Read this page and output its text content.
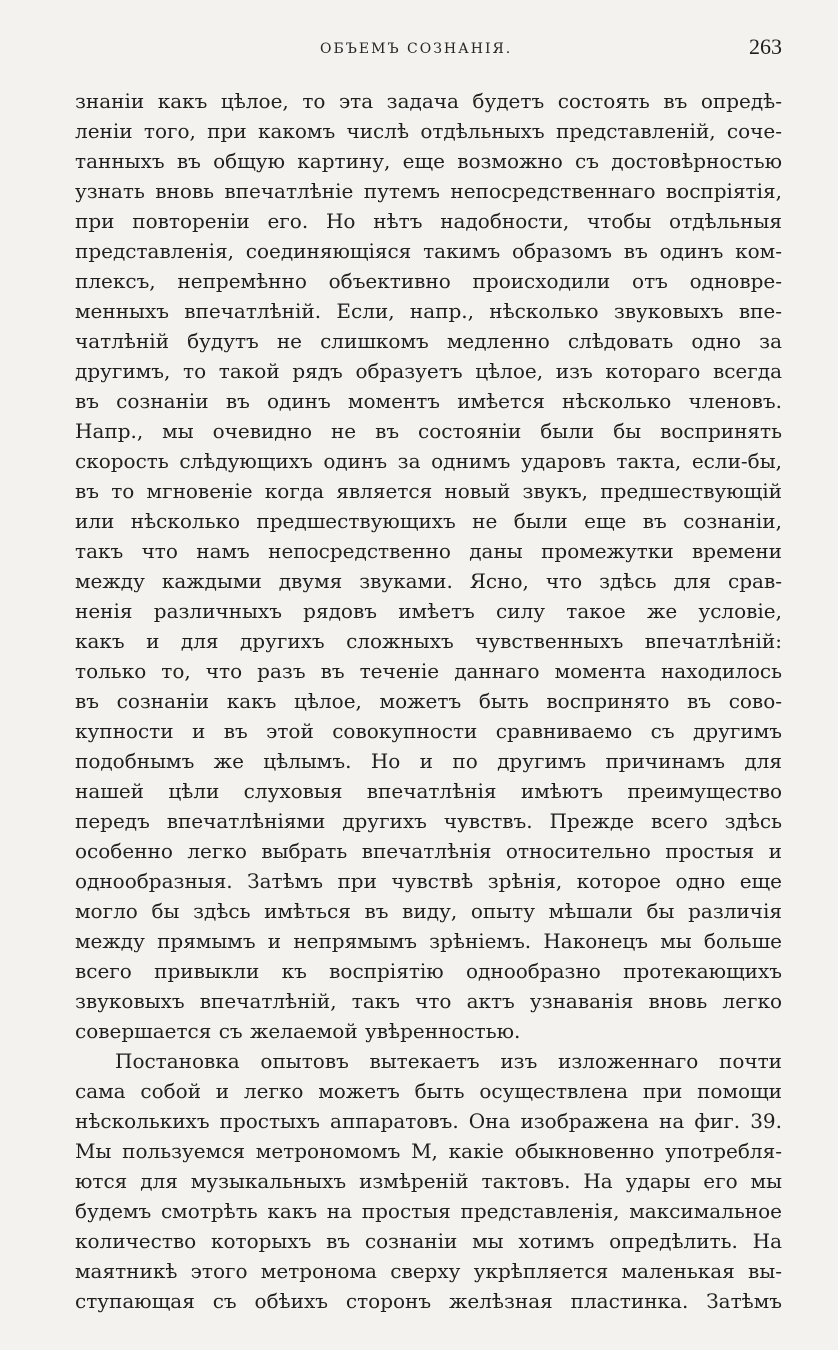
ОБЪЕМЪ СОЗНАНІЯ.	263
знаніи какъ цѣлое, то эта задача будетъ состоять въ опредѣ-
леніи того, при какомъ числѣ отдѣльныхъ представленій, соче-
танныхъ въ общую картину, еще возможно съ достовѣрностью
узнать вновь впечатлѣніе путемъ непосредственнаго воспріятія,
при повтореніи его. Но нѣтъ надобности, чтобы отдѣльныя
представленія, соединяющіяся такимъ образомъ въ одинъ ком-
плексъ, непремѣнно объективно происходили отъ одновре-
менныхъ впечатлѣній. Если, напр., нѣсколько звуковыхъ впе-
чатлѣній будутъ не слишкомъ медленно слѣдовать одно за
другимъ, то такой рядъ образуетъ цѣлое, изъ котораго всегда
въ сознаніи въ одинъ моментъ имѣется нѣсколько членовъ.
Напр., мы очевидно не въ состояніи были бы воспринять
скорость слѣдующихъ одинъ за однимъ ударовъ такта, если-бы,
въ то мгновеніе когда является новый звукъ, предшествующій
или нѣсколько предшествующихъ не были еще въ сознаніи,
такъ что намъ непосредственно даны промежутки времени
между каждыми двумя звуками. Ясно, что здѣсь для срав-
ненія различныхъ рядовъ имѣетъ силу такое же условіе,
какъ и для другихъ сложныхъ чувственныхъ впечатлѣній:
только то, что разъ въ теченіе даннаго момента находилось
въ сознаніи какъ цѣлое, можетъ быть воспринято въ сово-
купности и въ этой совокупности сравниваемо съ другимъ
подобнымъ же цѣлымъ. Но и по другимъ причинамъ для
нашей цѣли слуховыя впечатлѣнія имѣютъ преимущество
передъ впечатлѣніями другихъ чувствъ. Прежде всего здѣсь
особенно легко выбрать впечатлѣнія относительно простыя и
однообразныя. Затѣмъ при чувствѣ зрѣнія, которое одно еще
могло бы здѣсь имѣться въ виду, опыту мѣшали бы различія
между прямымъ и непрямымъ зрѣніемъ. Наконецъ мы больше
всего привыкли къ воспріятію однообразно протекающихъ
звуковыхъ впечатлѣній, такъ что актъ узнаванія вновь легко
совершается съ желаемой увѣренностью.
Постановка опытовъ вытекаетъ изъ изложеннаго почти
сама собой и легко можетъ быть осуществлена при помощи
нѣсколькихъ простыхъ аппаратовъ. Она изображена на фиг. 39.
Мы пользуемся метрономомъ M, какіе обыкновенно употребля-
ются для музыкальныхъ измѣреній тактовъ. На удары его мы
будемъ смотрѣть какъ на простыя представленія, максимальное
количество которыхъ въ сознаніи мы хотимъ опредѣлить. На
маятникѣ этого метронома сверху укрѣпляется маленькая вы-
ступающая съ обѣихъ сторонъ желѣзная пластинка. Затѣмъ
